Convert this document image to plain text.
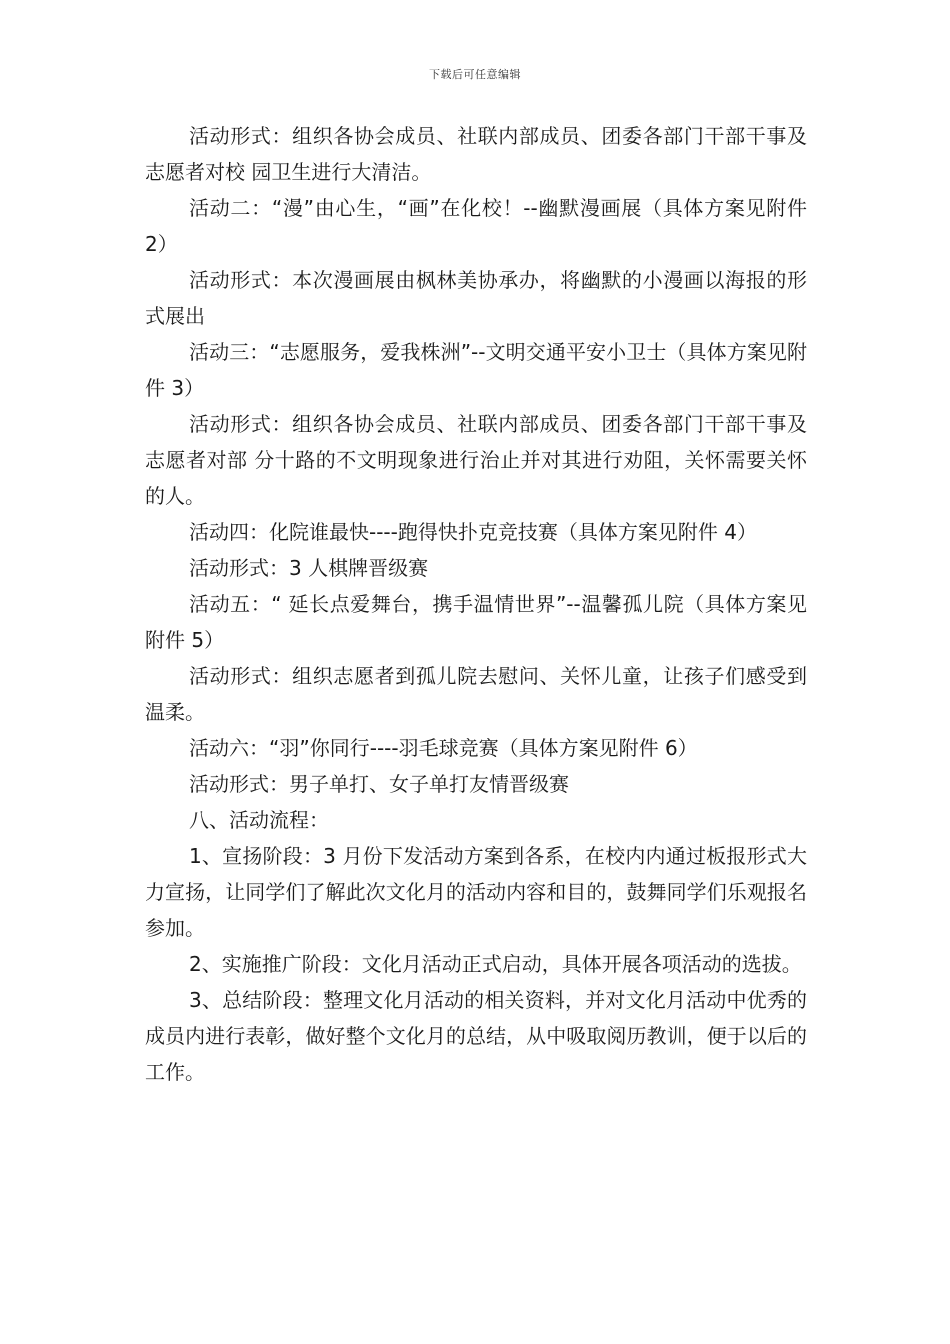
下载后可任意编辑

活动形式：组织各协会成员、社联内部成员、团委各部门干部干事及志愿者对校 园卫生进行大清洁。

活动二：“漫”由心生，“画”在化校！--幽默漫画展（具体方案见附件 2）

活动形式：本次漫画展由枫林美协承办，将幽默的小漫画以海报的形式展出

活动三：“志愿服务，爱我株洲”--文明交通平安小卫士（具体方案见附件 3）

活动形式：组织各协会成员、社联内部成员、团委各部门干部干事及志愿者对部 分十路的不文明现象进行治止并对其进行劝阻，关怀需要关怀的人。

活动四：化院谁最快----跑得快扑克竞技赛（具体方案见附件 4）

活动形式：3 人棋牌晋级赛

活动五：“ 延长点爱舞台，携手温情世界”--温馨孤儿院（具体方案见附件 5）

活动形式：组织志愿者到孤儿院去慰问、关怀儿童，让孩子们感受到温柔。

活动六：“羽”你同行----羽毛球竞赛（具体方案见附件 6）

活动形式：男子单打、女子单打友情晋级赛

八、活动流程：

1、宣扬阶段：3 月份下发活动方案到各系，在校内内通过板报形式大力宣扬，让同学们了解此次文化月的活动内容和目的，鼓舞同学们乐观报名参加。

2、实施推广阶段：文化月活动正式启动，具体开展各项活动的选拔。

3、总结阶段：整理文化月活动的相关资料，并对文化月活动中优秀的成员内进行表彰，做好整个文化月的总结，从中吸取阅历教训，便于以后的工作。
